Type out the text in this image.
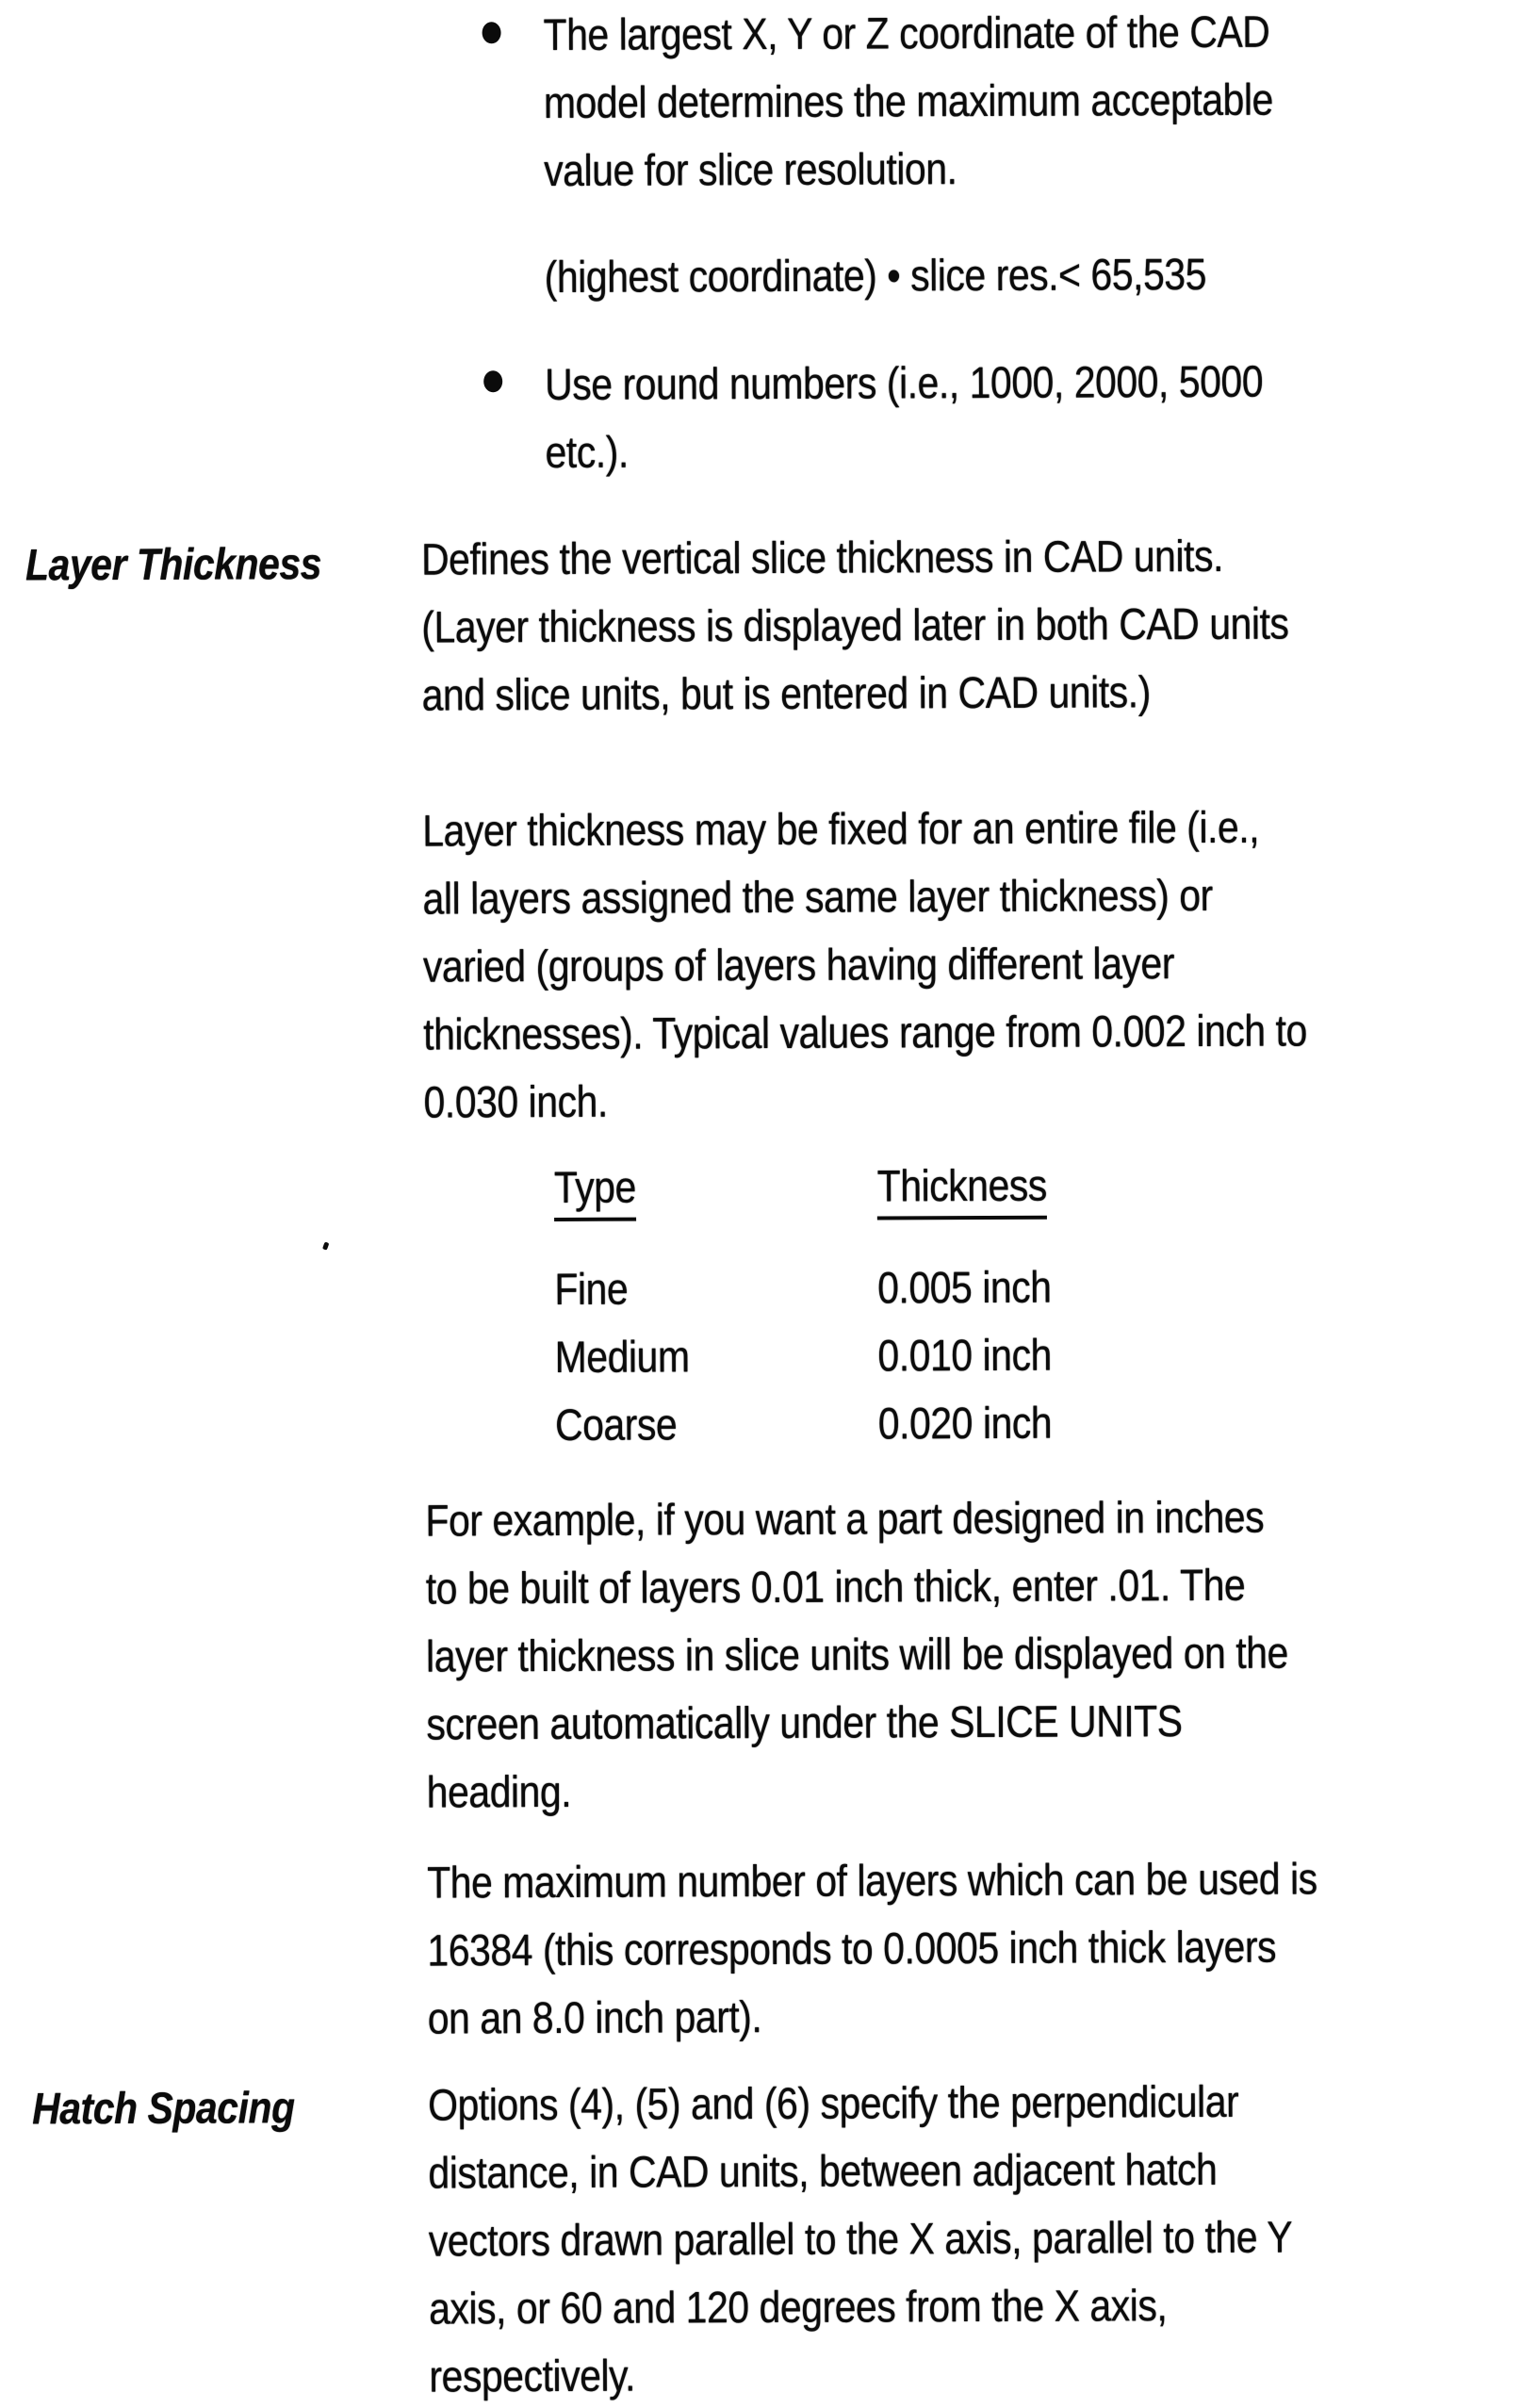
The largest X, Y or Z coordinate of the CAD
model determines the maximum acceptable
value for slice resolution.
(highest coordinate) • slice res.< 65,535
Use round numbers (i.e., 1000, 2000, 5000
etc.).
Layer Thickness Defines the vertical slice thickness in CAD units.
(Layer thickness is displayed later in both CAD units
and slice units, but is entered in CAD units.)
Layer thickness may be fixed for an entire file (i.e.,
all layers assigned the same layer thickness) or
varied (groups of layers having different layer
thicknesses). Typical values range from 0.002 inch to
0.030 inch.
Type	Thickness
Fine	0.005 inch
Medium	0.010 inch
Coarse	0.020 inch
For example, if you want a part designed in inches
to be built of layers 0.01 inch thick, enter .01. The
layer thickness in slice units will be displayed on the
screen automatically under the SLICE UNITS
heading.
The maximum number of layers which can be used is
16384 (this corresponds to 0.0005 inch thick layers
on an 8.0 inch part).
Hatch Spacing	Options (4), (5) and (6) specify the perpendicular
distance, in CAD units, between adjacent hatch
vectors drawn parallel to the X axis, parallel to the Y
axis, or 60 and 120 degrees from the X axis,
respectively.
